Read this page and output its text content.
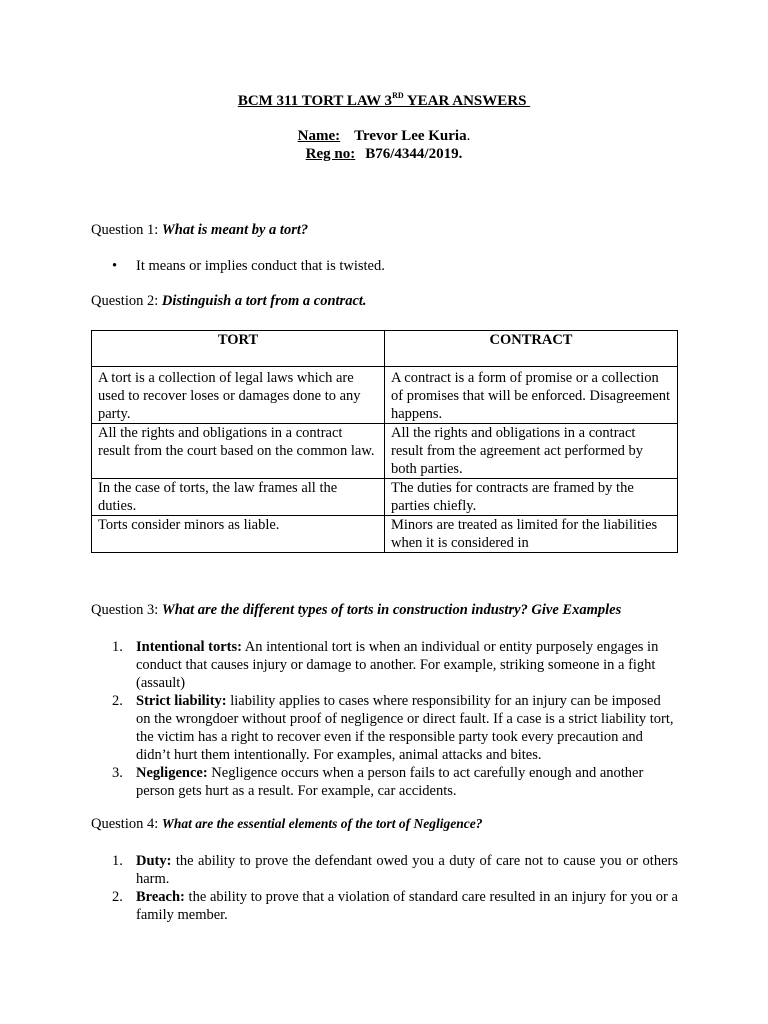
BCM 311 TORT LAW 3RD YEAR ANSWERS
Name: Trevor Lee Kuria.
Reg no: B76/4344/2019.
Question 1: What is meant by a tort?
• It means or implies conduct that is twisted.
Question 2: Distinguish a tort from a contract.
TORT	CONTRACT
A tort is a collection of legal laws which are used to recover loses or damages done to any party.	A contract is a form of promise or a collection of promises that will be enforced. Disagreement happens.
All the rights and obligations in a contract result from the court based on the common law.	All the rights and obligations in a contract result from the agreement act performed by both parties.
In the case of torts, the law frames all the duties.	The duties for contracts are framed by the parties chiefly.
Torts consider minors as liable.	Minors are treated as limited for the liabilities when it is considered in
Question 3: What are the different types of torts in construction industry? Give Examples
1. Intentional torts: An intentional tort is when an individual or entity purposely engages in conduct that causes injury or damage to another. For example, striking someone in a fight (assault)
2. Strict liability: liability applies to cases where responsibility for an injury can be imposed on the wrongdoer without proof of negligence or direct fault. If a case is a strict liability tort, the victim has a right to recover even if the responsible party took every precaution and didn’t hurt them intentionally. For examples, animal attacks and bites.
3. Negligence: Negligence occurs when a person fails to act carefully enough and another person gets hurt as a result. For example, car accidents.
Question 4: What are the essential elements of the tort of Negligence?
1. Duty: the ability to prove the defendant owed you a duty of care not to cause you or others harm.
2. Breach: the ability to prove that a violation of standard care resulted in an injury for you or a family member.
